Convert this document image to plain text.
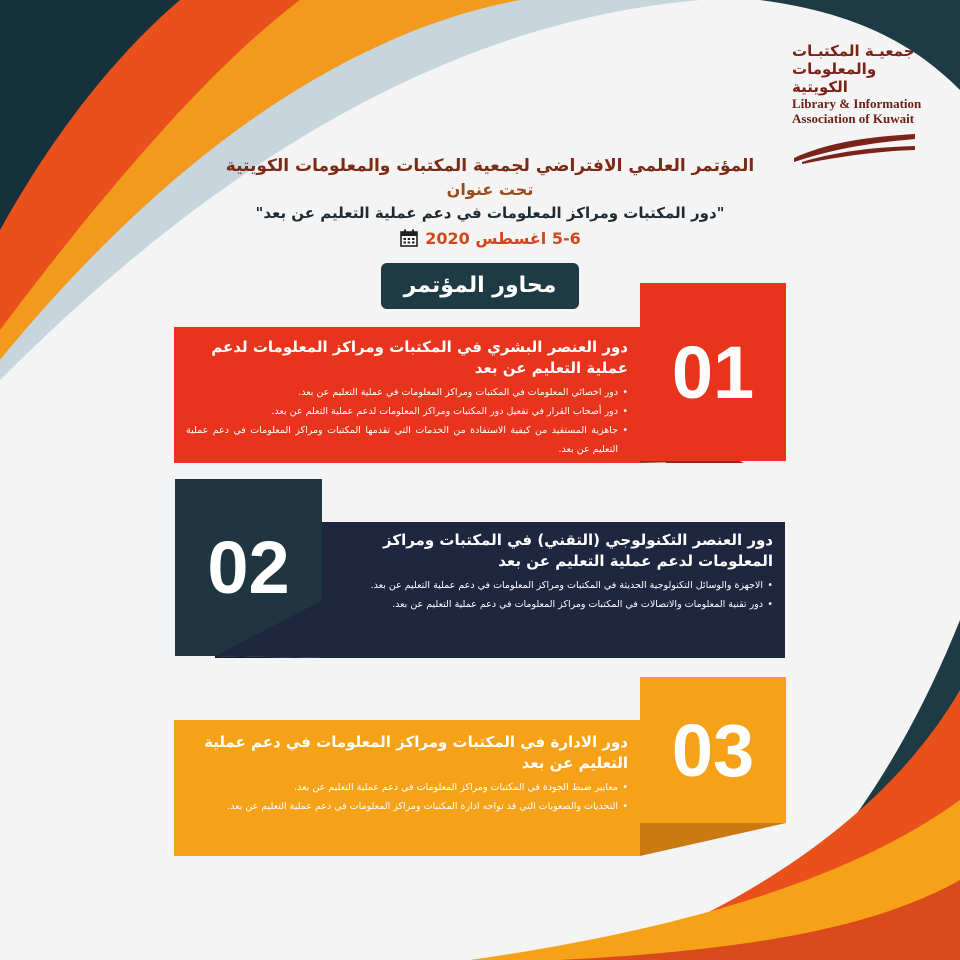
جمعيـة المكتبـات
والمعلومات الكويتية
Library & Information
Association of Kuwait
المؤتمر العلمي الافتراضي لجمعية المكتبات والمعلومات الكويتية
تحت عنوان
"دور المكتبات ومراكز المعلومات في دعم عملية التعليم عن بعد"
5-6 اغسطس 2020
محاور المؤتمر
01
دور العنصر البشري في المكتبات ومراكز المعلومات لدعم عملية التعليم عن بعد
• دور اخصائي المعلومات في المكتبات ومراكز المعلومات في عملية التعليم عن بعد.
• دور أصحاب القرار في تفعيل دور المكتبات ومراكز المعلومات لدعم عملية التعلم عن بعد.
• جاهزية المستفيد من كيفية الاستفادة من الخدمات التي تقدمها المكتبات ومراكز المعلومات في دعم عملية التعليم عن بعد.
02	دور العنصر التكنولوجي (التقني) في المكتبات ومراكز المعلومات لدعم عملية التعليم عن بعد
• الاجهزة والوسائل التكنولوجية الحديثة في المكتبات ومراكز المعلومات في دعم عملية التعليم عن بعد.
• دور تقنية المعلومات والاتصالات في المكتبات ومراكز المعلومات في دعم عملية التعليم عن بعد.
03
دور الادارة في المكتبات ومراكز المعلومات في دعم عملية التعليم عن بعد
• معايير ضبط الجودة في المكتبات ومراكز المعلومات في دعم عملية التعليم عن بعد.
• التحديات والصعوبات التي قد تواجه ادارة المكتبات ومراكز المعلومات في دعم عملية التعليم عن بعد.
